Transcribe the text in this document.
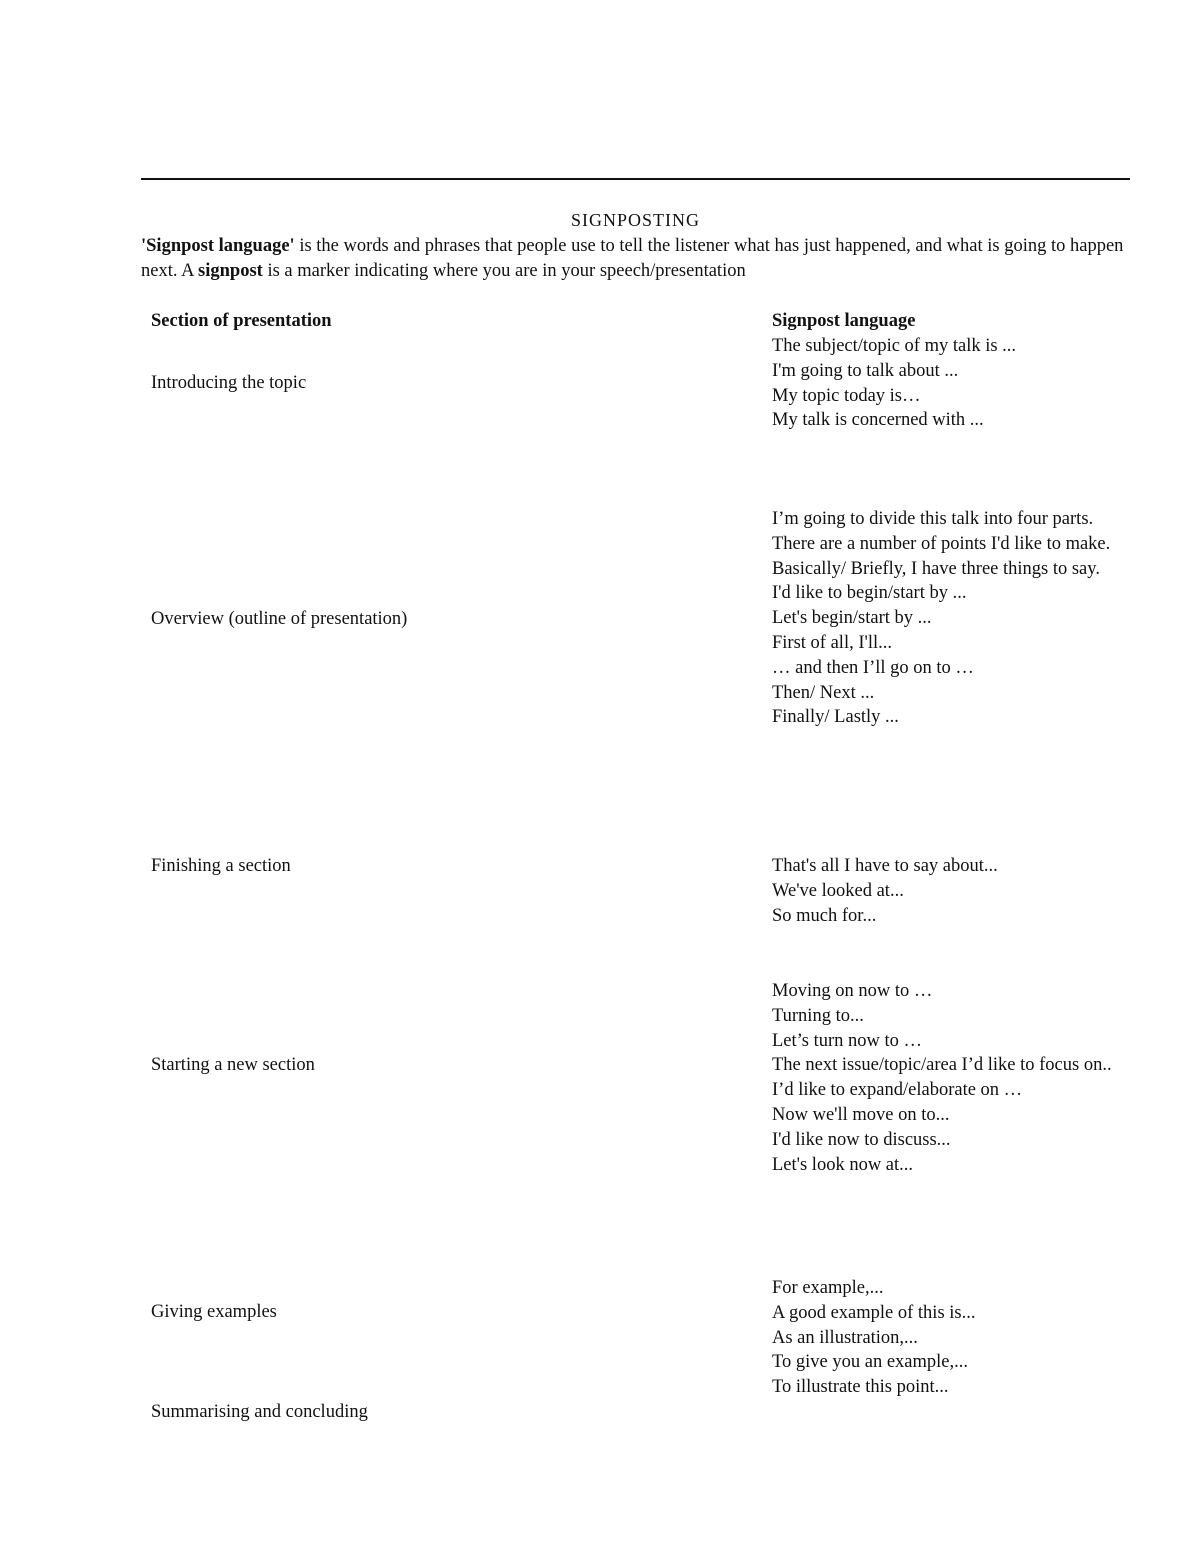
SIGNPOSTING
'Signpost language' is the words and phrases that people use to tell the listener what has just happened, and what is going to happen next. A signpost is a marker indicating where you are in your speech/presentation
Section of presentation	Signpost language
Introducing the topic
The subject/topic of my talk is ...
I'm going to talk about ...
My topic today is…
My talk is concerned with ...
Overview (outline of presentation)
I’m going to divide this talk into four parts.
There are a number of points I'd like to make.
Basically/ Briefly, I have three things to say.
I'd like to begin/start by ...
Let's begin/start by ...
First of all, I'll...
… and then I’ll go on to …
Then/ Next ...
Finally/ Lastly ...
Finishing a section	That's all I have to say about...
We've looked at...
So much for...
Starting a new section
Moving on now to …
Turning to...
Let’s turn now to …
The next issue/topic/area I’d like to focus on..
I’d like to expand/elaborate on …
Now we'll move on to...
I'd like now to discuss...
Let's look now at...
Giving examples
For example,...
A good example of this is...
As an illustration,...
To give you an example,...
To illustrate this point...
Summarising and concluding
